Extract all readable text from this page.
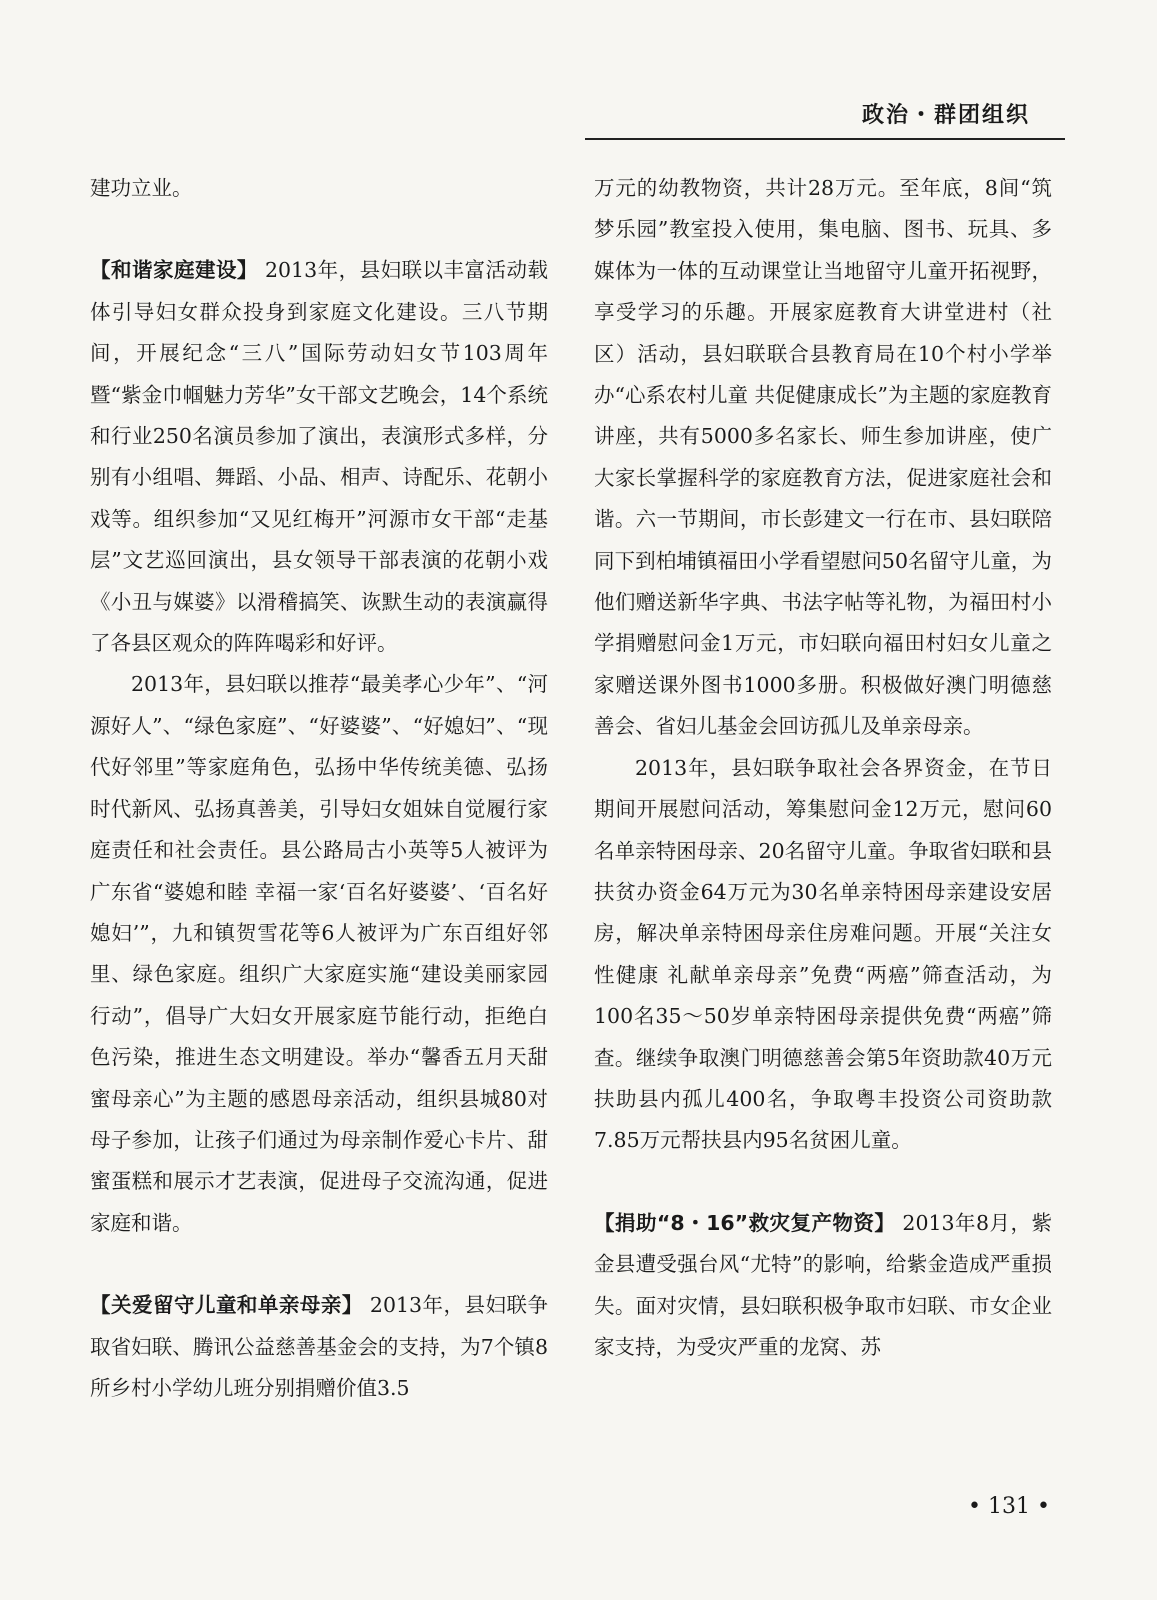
政治・群团组织

建功立业。

【和谐家庭建设】 2013年，县妇联以丰富活动载体引导妇女群众投身到家庭文化建设。三八节期间，开展纪念“三八”国际劳动妇女节103周年暨“紫金巾帼魅力芳华”女干部文艺晚会，14个系统和行业250名演员参加了演出，表演形式多样，分别有小组唱、舞蹈、小品、相声、诗配乐、花朝小戏等。组织参加“又见红梅开”河源市女干部“走基层”文艺巡回演出，县女领导干部表演的花朝小戏《小丑与媒婆》以滑稽搞笑、诙默生动的表演赢得了各县区观众的阵阵喝彩和好评。

2013年，县妇联以推荐“最美孝心少年”、“河源好人”、“绿色家庭”、“好婆婆”、“好媳妇”、“现代好邻里”等家庭角色，弘扬中华传统美德、弘扬时代新风、弘扬真善美，引导妇女姐妹自觉履行家庭责任和社会责任。县公路局古小英等5人被评为广东省“婆媳和睦 幸福一家‘百名好婆婆’、‘百名好媳妇’”，九和镇贺雪花等6人被评为广东百组好邻里、绿色家庭。组织广大家庭实施“建设美丽家园行动”，倡导广大妇女开展家庭节能行动，拒绝白色污染，推进生态文明建设。举办“馨香五月天甜蜜母亲心”为主题的感恩母亲活动，组织县城80对母子参加，让孩子们通过为母亲制作爱心卡片、甜蜜蛋糕和展示才艺表演，促进母子交流沟通，促进家庭和谐。

【关爱留守儿童和单亲母亲】 2013年，县妇联争取省妇联、腾讯公益慈善基金会的支持，为7个镇8所乡村小学幼儿班分别捐赠价值3.5

万元的幼教物资，共计28万元。至年底，8间“筑梦乐园”教室投入使用，集电脑、图书、玩具、多媒体为一体的互动课堂让当地留守儿童开拓视野，享受学习的乐趣。开展家庭教育大讲堂进村（社区）活动，县妇联联合县教育局在10个村小学举办“心系农村儿童 共促健康成长”为主题的家庭教育讲座，共有5000多名家长、师生参加讲座，使广大家长掌握科学的家庭教育方法，促进家庭社会和谐。六一节期间，市长彭建文一行在市、县妇联陪同下到柏埔镇福田小学看望慰问50名留守儿童，为他们赠送新华字典、书法字帖等礼物，为福田村小学捐赠慰问金1万元，市妇联向福田村妇女儿童之家赠送课外图书1000多册。积极做好澳门明德慈善会、省妇儿基金会回访孤儿及单亲母亲。

2013年，县妇联争取社会各界资金，在节日期间开展慰问活动，筹集慰问金12万元，慰问60名单亲特困母亲、20名留守儿童。争取省妇联和县扶贫办资金64万元为30名单亲特困母亲建设安居房，解决单亲特困母亲住房难问题。开展“关注女性健康 礼献单亲母亲”免费“两癌”筛查活动，为100名35～50岁单亲特困母亲提供免费“两癌”筛查。继续争取澳门明德慈善会第5年资助款40万元扶助县内孤儿400名，争取粤丰投资公司资助款7.85万元帮扶县内95名贫困儿童。

【捐助“8・16”救灾复产物资】 2013年8月，紫金县遭受强台风“尤特”的影响，给紫金造成严重损失。面对灾情，县妇联积极争取市妇联、市女企业家支持，为受灾严重的龙窝、苏

• 131 •
